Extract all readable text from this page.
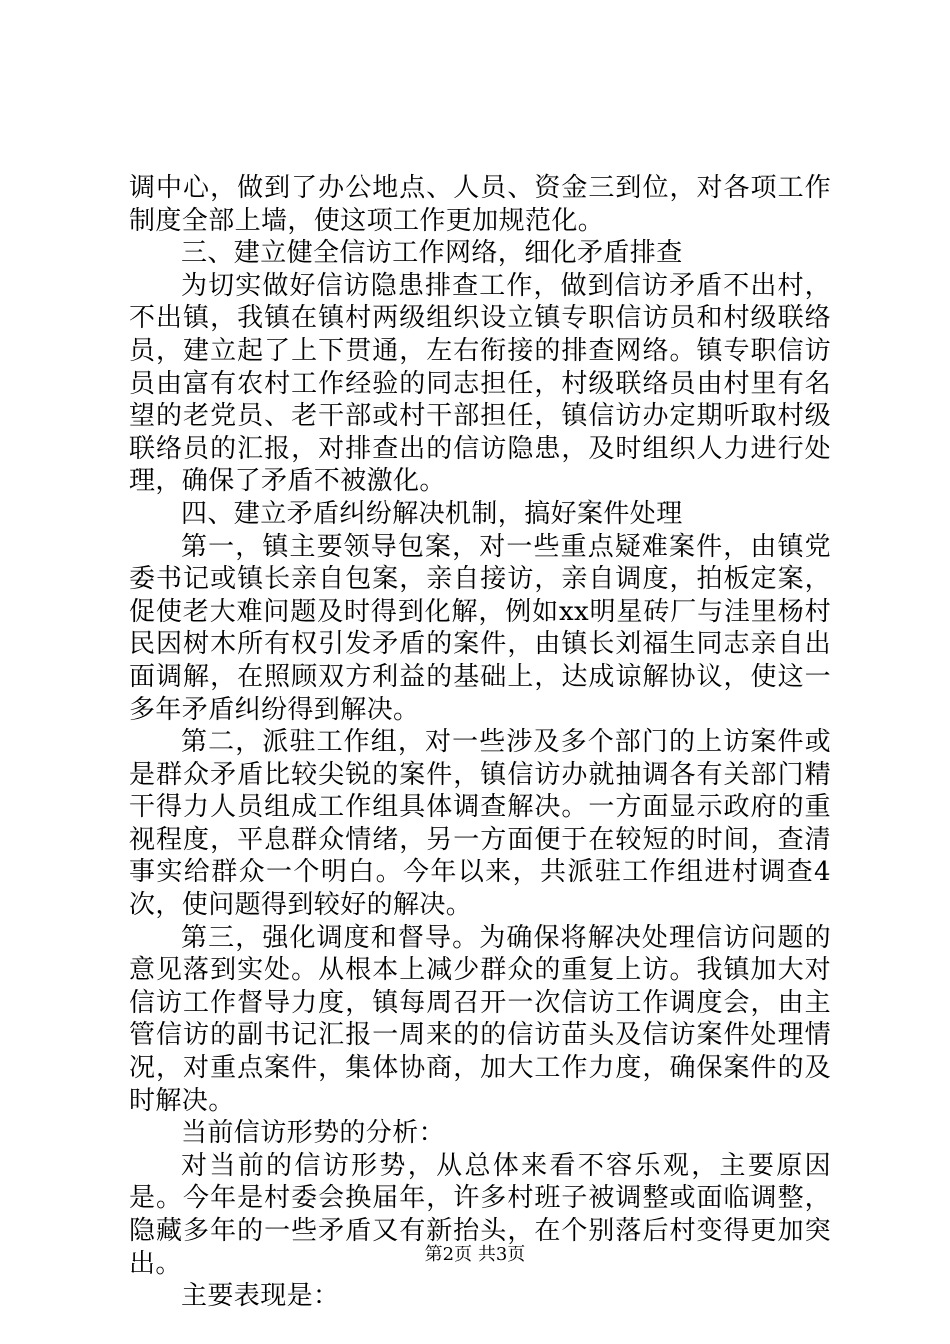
调中心，做到了办公地点、人员、资金三到位，对各项工作制度全部上墙，使这项工作更加规范化。

三、建立健全信访工作网络，细化矛盾排查

为切实做好信访隐患排查工作，做到信访矛盾不出村，不出镇，我镇在镇村两级组织设立镇专职信访员和村级联络员，建立起了上下贯通，左右衔接的排查网络。镇专职信访员由富有农村工作经验的同志担任，村级联络员由村里有名望的老党员、老干部或村干部担任，镇信访办定期听取村级联络员的汇报，对排查出的信访隐患，及时组织人力进行处理，确保了矛盾不被激化。

四、建立矛盾纠纷解决机制，搞好案件处理

第一，镇主要领导包案，对一些重点疑难案件，由镇党委书记或镇长亲自包案，亲自接访，亲自调度，拍板定案，促使老大难问题及时得到化解，例如xx明星砖厂与洼里杨村民因树木所有权引发矛盾的案件，由镇长刘福生同志亲自出面调解，在照顾双方利益的基础上，达成谅解协议，使这一多年矛盾纠纷得到解决。

第二，派驻工作组，对一些涉及多个部门的上访案件或是群众矛盾比较尖锐的案件，镇信访办就抽调各有关部门精干得力人员组成工作组具体调查解决。一方面显示政府的重视程度，平息群众情绪，另一方面便于在较短的时间，查清事实给群众一个明白。今年以来，共派驻工作组进村调查4次，使问题得到较好的解决。

第三，强化调度和督导。为确保将解决处理信访问题的意见落到实处。从根本上减少群众的重复上访。我镇加大对信访工作督导力度，镇每周召开一次信访工作调度会，由主管信访的副书记汇报一周来的的信访苗头及信访案件处理情况，对重点案件，集体协商，加大工作力度，确保案件的及时解决。

当前信访形势的分析：

对当前的信访形势，从总体来看不容乐观，主要原因是。今年是村委会换届年，许多村班子被调整或面临调整，隐藏多年的一些矛盾又有新抬头，在个别落后村变得更加突出。

主要表现是：

第2页 共3页
